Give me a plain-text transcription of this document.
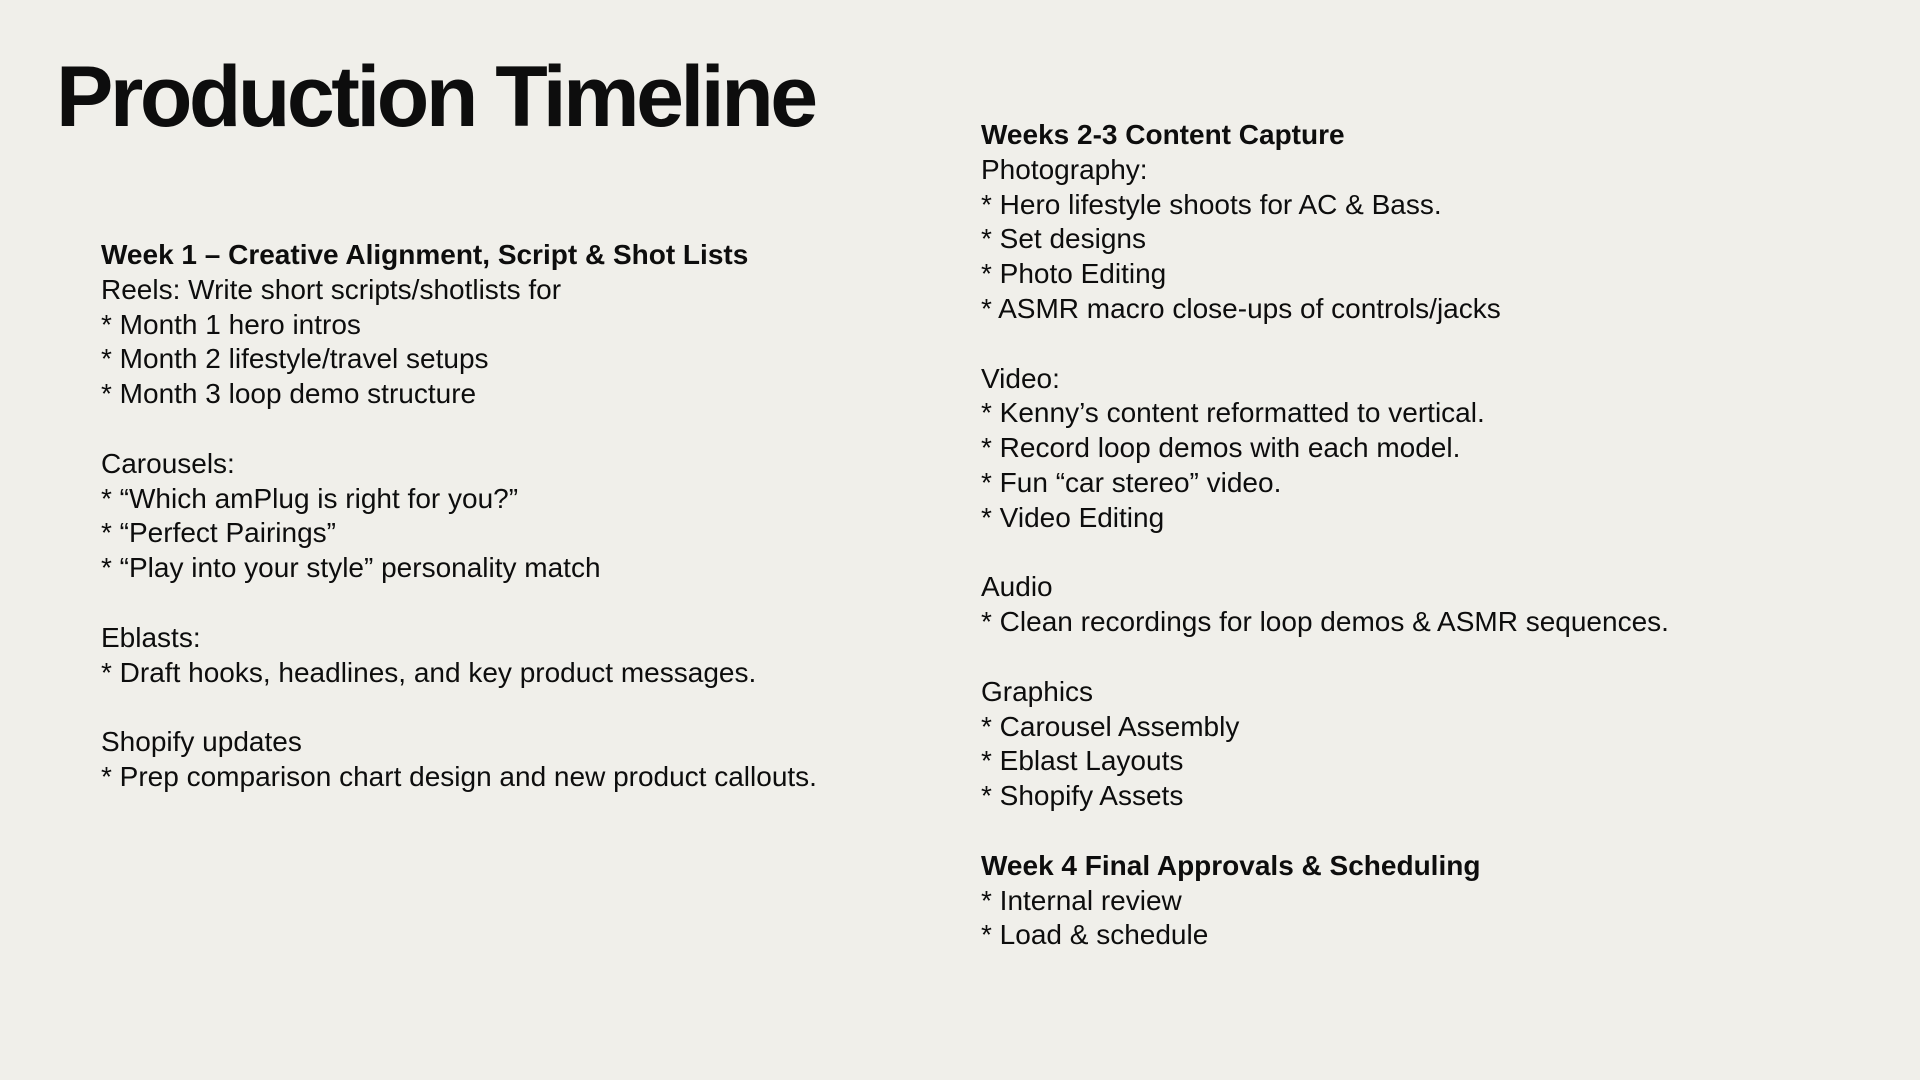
Production Timeline
Week 1 – Creative Alignment, Script & Shot Lists
Reels: Write short scripts/shotlists for
* Month 1 hero intros
* Month 2 lifestyle/travel setups
* Month 3 loop demo structure
Carousels:
* “Which amPlug is right for you?”
* “Perfect Pairings”
* “Play into your style” personality match
Eblasts:
* Draft hooks, headlines, and key product messages.
Shopify updates
* Prep comparison chart design and new product callouts.
Weeks 2-3 Content Capture
Photography:
* Hero lifestyle shoots for AC & Bass.
* Set designs
* Photo Editing
* ASMR macro close-ups of controls/jacks
Video:
* Kenny’s content reformatted to vertical.
* Record loop demos with each model.
* Fun “car stereo” video.
* Video Editing
Audio
* Clean recordings for loop demos & ASMR sequences.
Graphics
* Carousel Assembly
* Eblast Layouts
* Shopify Assets
Week 4 Final Approvals & Scheduling
* Internal review
* Load & schedule
